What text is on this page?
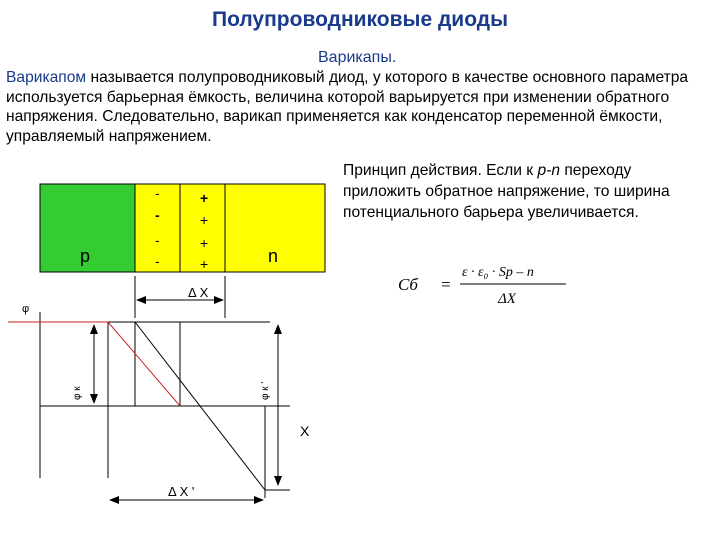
Полупроводниковые диоды
Варикапы.
Варикапом называется полупроводниковый диод, у которого в качестве основного параметра используется барьерная ёмкость, величина которой варьируется при изменении обратного напряжения. Следовательно, варикап применяется как конденсатор переменной ёмкости, управляемый напряжением.
Принцип действия. Если к p-n переходу приложить обратное напряжение, то ширина потенциального барьера увеличивается.
p	n
-
-
-
-
+
+
+
+
φ
Δ X
X
φ к	φ к '
Δ X '
Cб =
ε · ε₀ · Sp – n
ΔX
